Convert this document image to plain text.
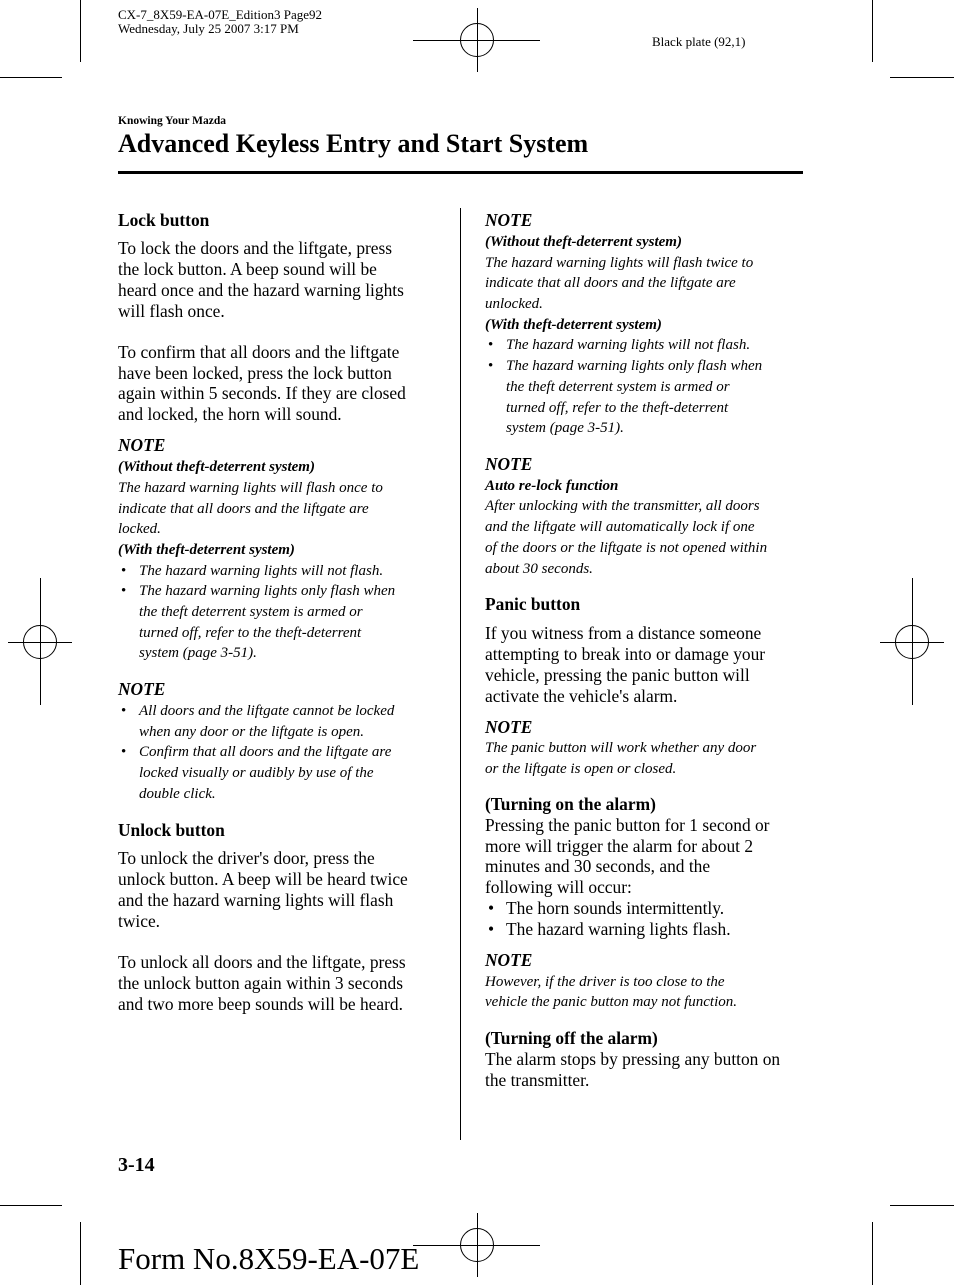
CX-7_8X59-EA-07E_Edition3 Page92
Wednesday, July 25 2007 3:17 PM
Black plate (92,1)
Knowing Your Mazda
Advanced Keyless Entry and Start System
Lock button
To lock the doors and the liftgate, press
the lock button. A beep sound will be
heard once and the hazard warning lights
will flash once.
To confirm that all doors and the liftgate
have been locked, press the lock button
again within 5 seconds. If they are closed
and locked, the horn will sound.
NOTE
(Without theft-deterrent system)
The hazard warning lights will flash once to
indicate that all doors and the liftgate are
locked.
(With theft-deterrent system)
• The hazard warning lights will not flash.
• The hazard warning lights only flash when
the theft deterrent system is armed or
turned off, refer to the theft-deterrent
system (page 3-51).
NOTE
• All doors and the liftgate cannot be locked
when any door or the liftgate is open.
• Confirm that all doors and the liftgate are
locked visually or audibly by use of the
double click.
Unlock button
To unlock the driver's door, press the
unlock button. A beep will be heard twice
and the hazard warning lights will flash
twice.
To unlock all doors and the liftgate, press
the unlock button again within 3 seconds
and two more beep sounds will be heard.
NOTE
(Without theft-deterrent system)
The hazard warning lights will flash twice to
indicate that all doors and the liftgate are
unlocked.
(With theft-deterrent system)
• The hazard warning lights will not flash.
• The hazard warning lights only flash when
the theft deterrent system is armed or
turned off, refer to the theft-deterrent
system (page 3-51).
NOTE
Auto re-lock function
After unlocking with the transmitter, all doors
and the liftgate will automatically lock if one
of the doors or the liftgate is not opened within
about 30 seconds.
Panic button
If you witness from a distance someone
attempting to break into or damage your
vehicle, pressing the panic button will
activate the vehicle's alarm.
NOTE
The panic button will work whether any door
or the liftgate is open or closed.
(Turning on the alarm)
Pressing the panic button for 1 second or
more will trigger the alarm for about 2
minutes and 30 seconds, and the
following will occur:
• The horn sounds intermittently.
• The hazard warning lights flash.
NOTE
However, if the driver is too close to the
vehicle the panic button may not function.
(Turning off the alarm)
The alarm stops by pressing any button on
the transmitter.
3-14
Form No.8X59-EA-07E
